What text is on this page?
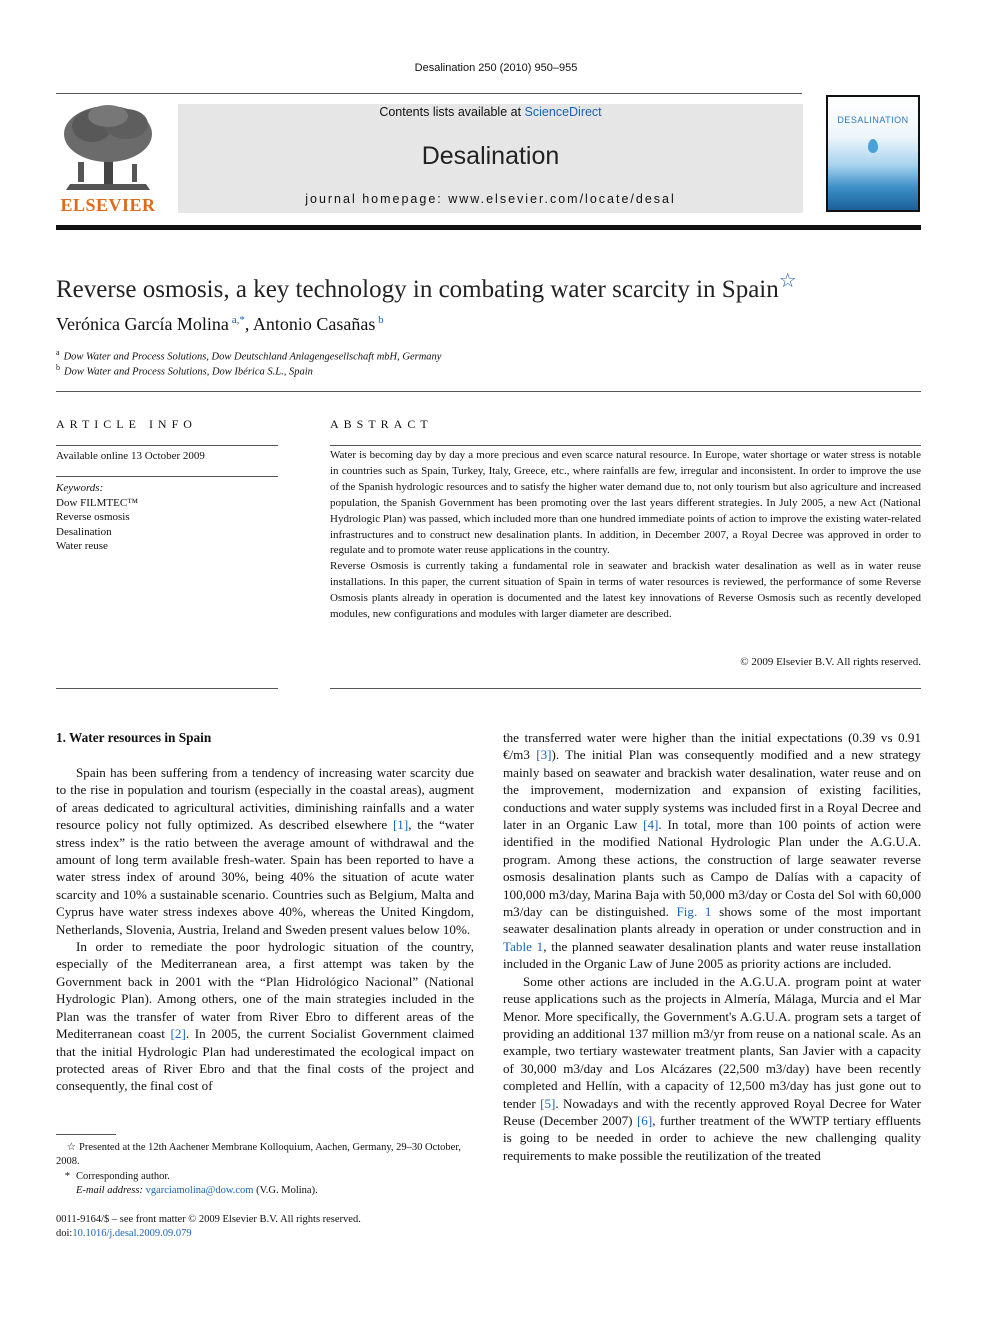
Desalination 250 (2010) 950–955
ELSEVIER
Contents lists available at ScienceDirect
Desalination
journal homepage: www.elsevier.com/locate/desal
DESALINATION
Reverse osmosis, a key technology in combating water scarcity in Spain☆
Verónica García Molina $^{a,*}$, Antonio Casañas $^b$
$^a$ Dow Water and Process Solutions, Dow Deutschland Anlagengesellschaft mbH, Germany
$^b$ Dow Water and Process Solutions, Dow Ibérica S.L., Spain
ARTICLE INFO	ABSTRACT
Available online 13 October 2009
Keywords:
Dow FILMTEC™
Reverse osmosis
Desalination
Water reuse

Water is becoming day by day a more precious and even scarce natural resource. In Europe, water shortage or water stress is notable in countries such as Spain, Turkey, Italy, Greece, etc., where rainfalls are few, irregular and inconsistent. In order to improve the use of the Spanish hydrologic resources and to satisfy the higher water demand due to, not only tourism but also agriculture and increased population, the Spanish Government has been promoting over the last years different strategies. In July 2005, a new Act (National Hydrologic Plan) was passed, which included more than one hundred immediate points of action to improve the existing water-related infrastructures and to construct new desalination plants. In addition, in December 2007, a Royal Decree was approved in order to regulate and to promote water reuse applications in the country.

Reverse Osmosis is currently taking a fundamental role in seawater and brackish water desalination as well as in water reuse installations. In this paper, the current situation of Spain in terms of water resources is reviewed, the performance of some Reverse Osmosis plants already in operation is documented and the latest key innovations of Reverse Osmosis such as recently developed modules, new configurations and modules with larger diameter are described.

© 2009 Elsevier B.V. All rights reserved.
1. Water resources in Spain

Spain has been suffering from a tendency of increasing water scarcity due to the rise in population and tourism (especially in the coastal areas), augment of areas dedicated to agricultural activities, diminishing rainfalls and a water resource policy not fully optimized. As described elsewhere [1], the “water stress index” is the ratio between the average amount of withdrawal and the amount of long term available fresh-water. Spain has been reported to have a water stress index of around 30%, being 40% the situation of acute water scarcity and 10% a sustainable scenario. Countries such as Belgium, Malta and Cyprus have water stress indexes above 40%, whereas the United Kingdom, Netherlands, Slovenia, Austria, Ireland and Sweden present values below 10%.

In order to remediate the poor hydrologic situation of the country, especially of the Mediterranean area, a first attempt was taken by the Government back in 2001 with the “Plan Hidrológico Nacional” (National Hydrologic Plan). Among others, one of the main strategies included in the Plan was the transfer of water from River Ebro to different areas of the Mediterranean coast [2]. In 2005, the current Socialist Government claimed that the initial Hydrologic Plan had underestimated the ecological impact on protected areas of River Ebro and that the final costs of the project and consequently, the final cost of

the transferred water were higher than the initial expectations (0.39 vs 0.91 €/m3 [3]). The initial Plan was consequently modified and a new strategy mainly based on seawater and brackish water desalination, water reuse and on the improvement, modernization and expansion of existing facilities, conductions and water supply systems was included first in a Royal Decree and later in an Organic Law [4]. In total, more than 100 points of action were identified in the modified National Hydrologic Plan under the A.G.U.A. program. Among these actions, the construction of large seawater reverse osmosis desalination plants such as Campo de Dalías with a capacity of 100,000 m3/day, Marina Baja with 50,000 m3/day or Costa del Sol with 60,000 m3/day can be distinguished. Fig. 1 shows some of the most important seawater desalination plants already in operation or under construction and in Table 1, the planned seawater desalination plants and water reuse installation included in the Organic Law of June 2005 as priority actions are included.

Some other actions are included in the A.G.U.A. program point at water reuse applications such as the projects in Almería, Málaga, Murcia and el Mar Menor. More specifically, the Government's A.G.U.A. program sets a target of providing an additional 137 million m3/yr from reuse on a national scale. As an example, two tertiary wastewater treatment plants, San Javier with a capacity of 30,000 m3/day and Los Alcázares (22,500 m3/day) have been recently completed and Hellín, with a capacity of 12,500 m3/day has just gone out to tender [5]. Nowadays and with the recently approved Royal Decree for Water Reuse (December 2007) [6], further treatment of the WWTP tertiary effluents is going to be needed in order to achieve the new challenging quality requirements to make possible the reutilization of the treated

☆ Presented at the 12th Aachener Membrane Kolloquium, Aachen, Germany, 29–30 October, 2008.
* Corresponding author.
E-mail address: vgarciamolina@dow.com (V.G. Molina).
0011-9164/$ – see front matter © 2009 Elsevier B.V. All rights reserved.
doi:10.1016/j.desal.2009.09.079
